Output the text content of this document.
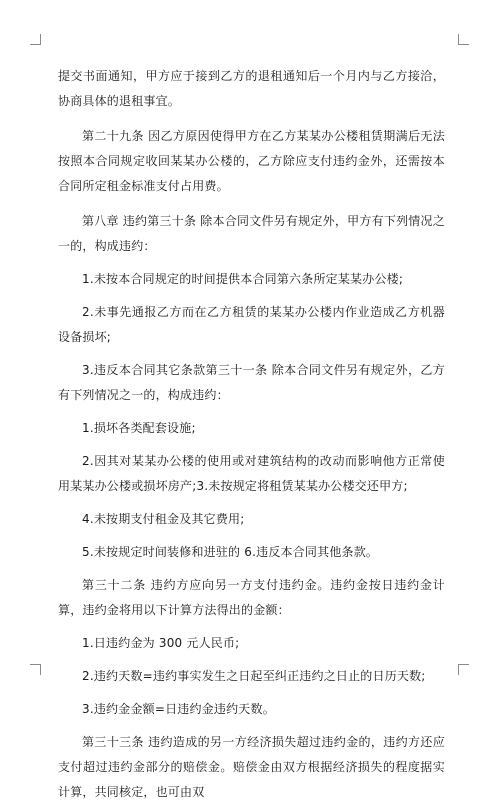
提交书面通知，甲方应于接到乙方的退租通知后一个月内与乙方接洽，协商具体的退租事宜。

第二十九条 因乙方原因使得甲方在乙方某某办公楼租赁期满后无法按照本合同规定收回某某办公楼的，乙方除应支付违约金外，还需按本合同所定租金标准支付占用费。

第八章 违约第三十条 除本合同文件另有规定外，甲方有下列情况之一的，构成违约：

1.未按本合同规定的时间提供本合同第六条所定某某办公楼;

2.未事先通报乙方而在乙方租赁的某某办公楼内作业造成乙方机器设备损坏;

3.违反本合同其它条款第三十一条 除本合同文件另有规定外，乙方有下列情况之一的，构成违约：

1.损坏各类配套设施;

2.因其对某某办公楼的使用或对建筑结构的改动而影响他方正常使用某某办公楼或损坏房产;3.未按规定将租赁某某办公楼交还甲方;

4.未按期支付租金及其它费用;

5.未按规定时间装修和进驻的 6.违反本合同其他条款。

第三十二条 违约方应向另一方支付违约金。违约金按日违约金计算，违约金将用以下计算方法得出的金额：

1.日违约金为 300 元人民币;

2.违约天数=违约事实发生之日起至纠正违约之日止的日历天数;

3.违约金金额=日违约金违约天数。

第三十三条 违约造成的另一方经济损失超过违约金的，违约方还应支付超过违约金部分的赔偿金。赔偿金由双方根据经济损失的程度据实计算，共同核定，也可由双
